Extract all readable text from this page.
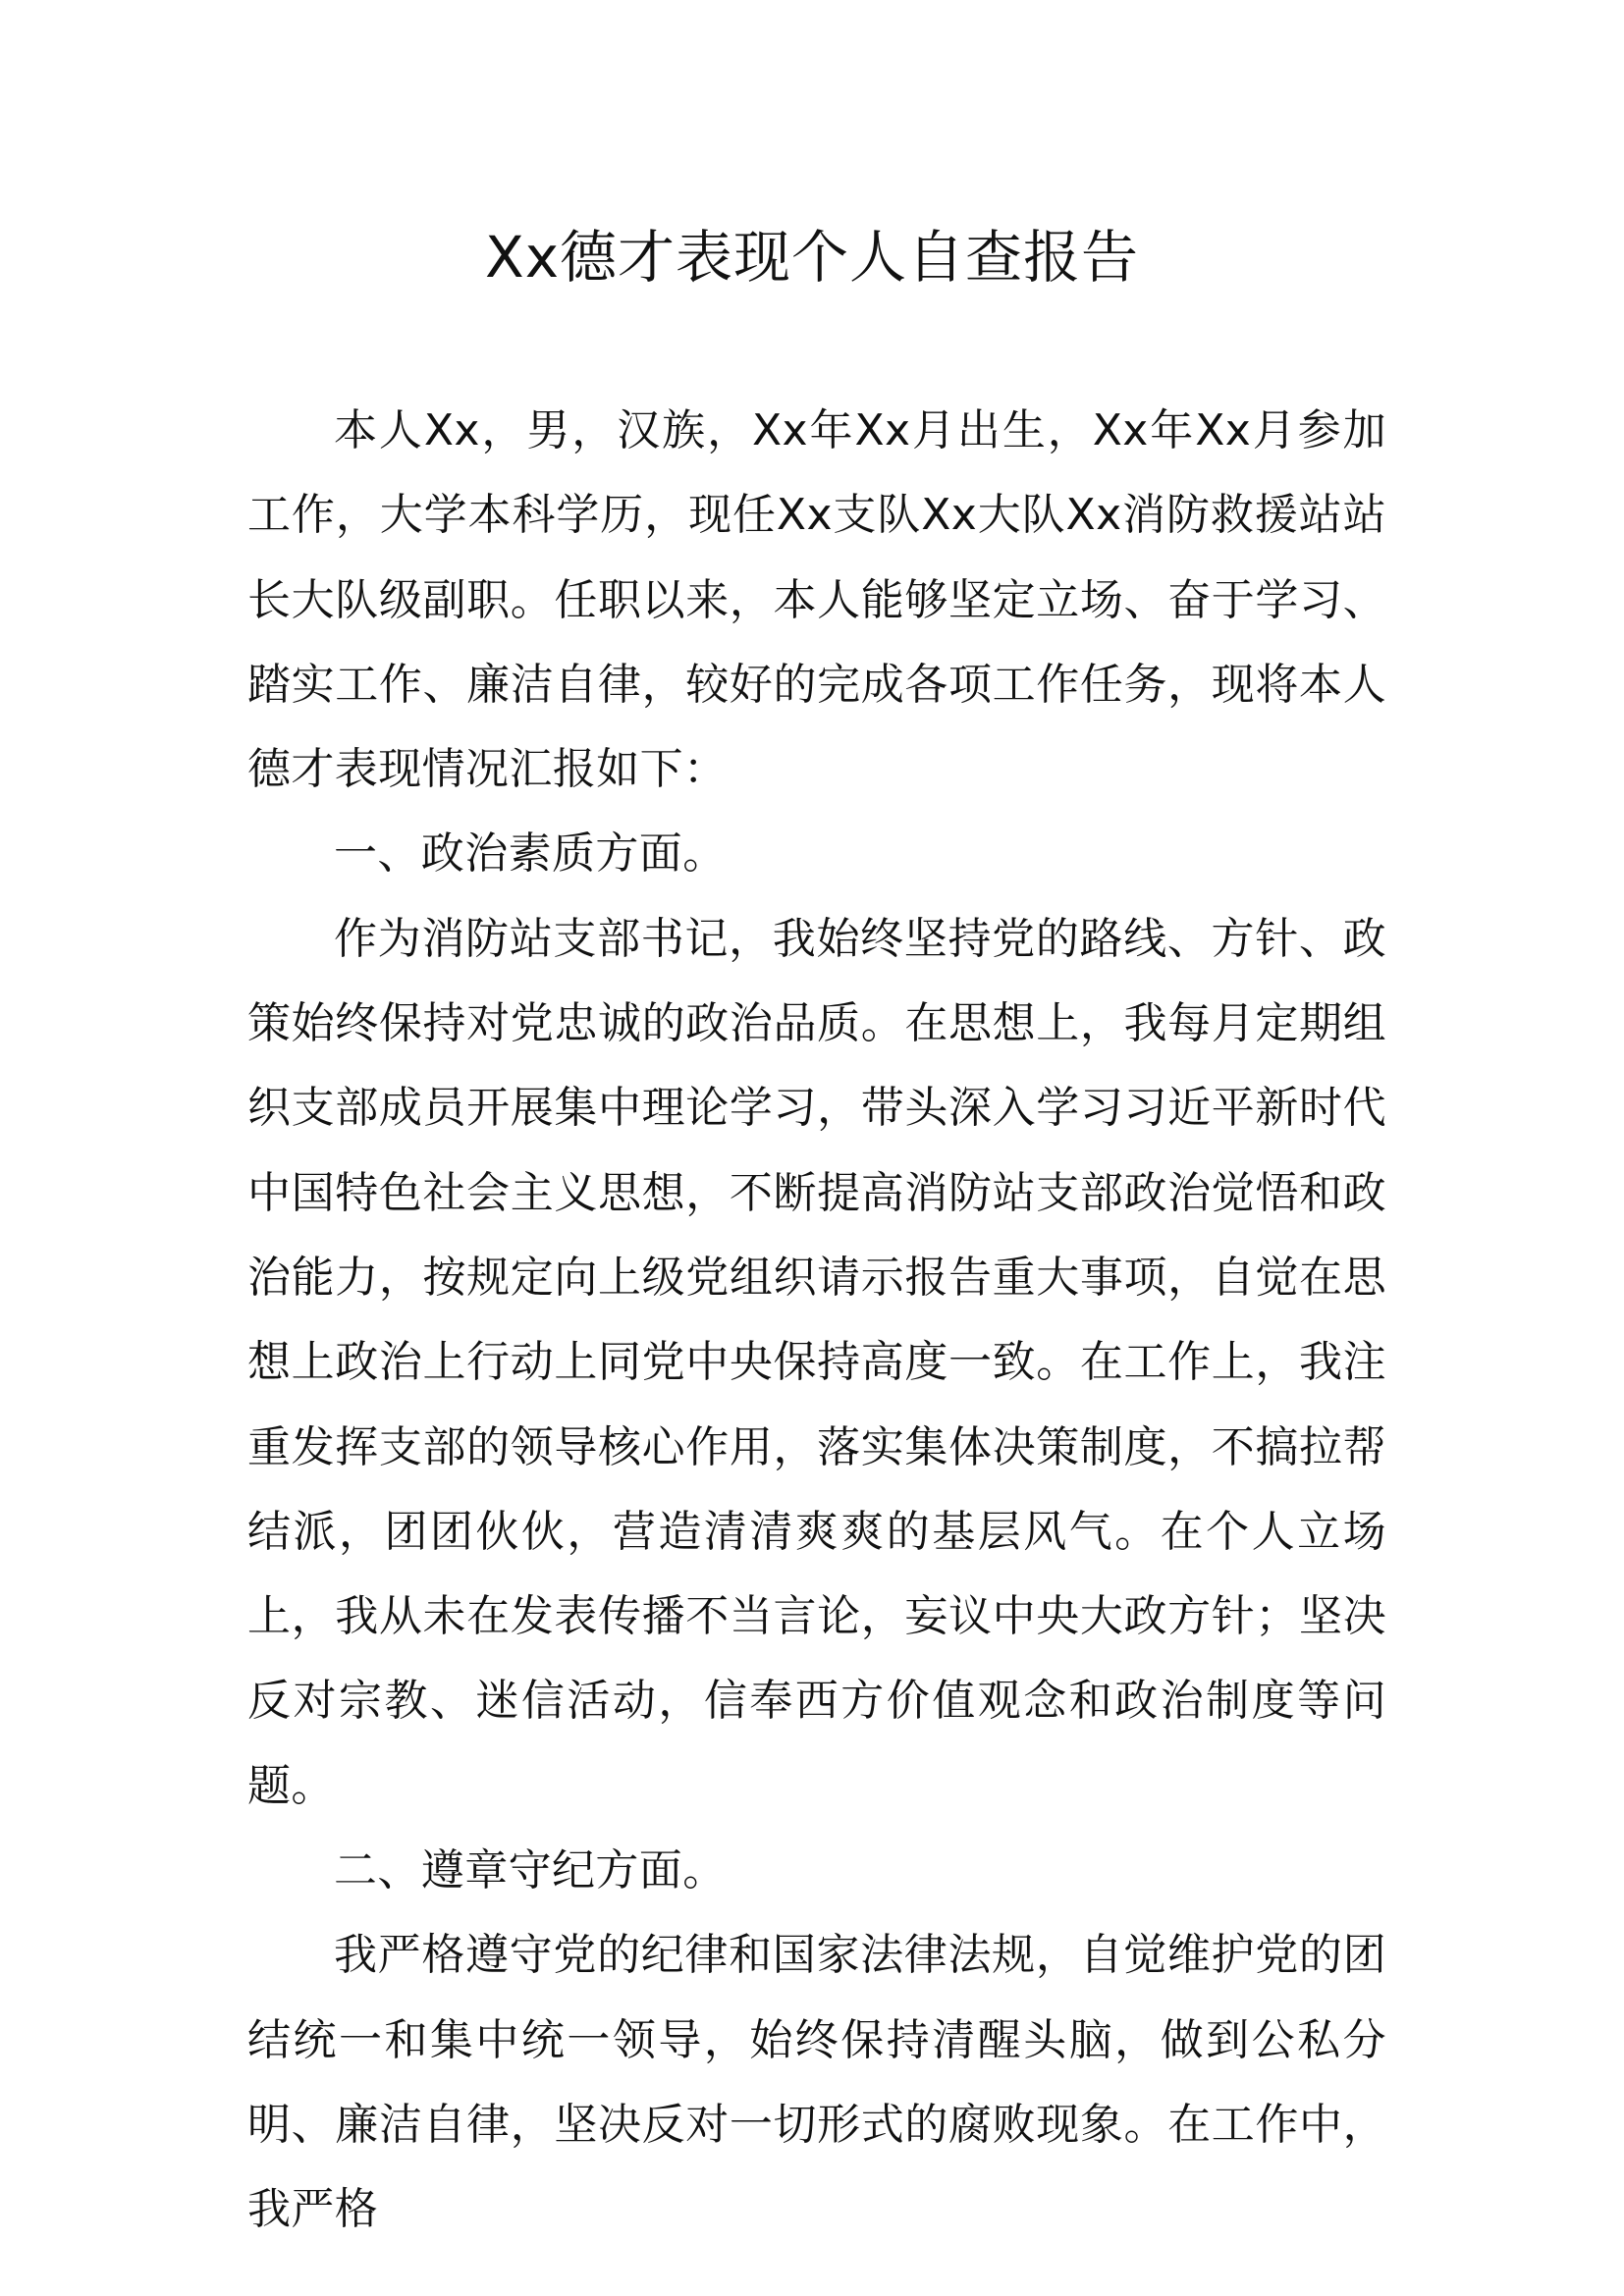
Xx德才表现个人自查报告

本人Xx，男，汉族，Xx年Xx月出生，Xx年Xx月参加工作，大学本科学历，现任Xx支队Xx大队Xx消防救援站站长大队级副职。任职以来，本人能够坚定立场、奋于学习、踏实工作、廉洁自律，较好的完成各项工作任务，现将本人德才表现情况汇报如下：

一、政治素质方面。

作为消防站支部书记，我始终坚持党的路线、方针、政策始终保持对党忠诚的政治品质。在思想上，我每月定期组织支部成员开展集中理论学习，带头深入学习习近平新时代中国特色社会主义思想，不断提高消防站支部政治觉悟和政治能力，按规定向上级党组织请示报告重大事项，自觉在思想上政治上行动上同党中央保持高度一致。在工作上，我注重发挥支部的领导核心作用，落实集体决策制度，不搞拉帮结派，团团伙伙，营造清清爽爽的基层风气。在个人立场上，我从未在发表传播不当言论，妄议中央大政方针；坚决反对宗教、迷信活动，信奉西方价值观念和政治制度等问题。

二、遵章守纪方面。

我严格遵守党的纪律和国家法律法规，自觉维护党的团结统一和集中统一领导，始终保持清醒头脑，做到公私分明、廉洁自律，坚决反对一切形式的腐败现象。在工作中，我严格
